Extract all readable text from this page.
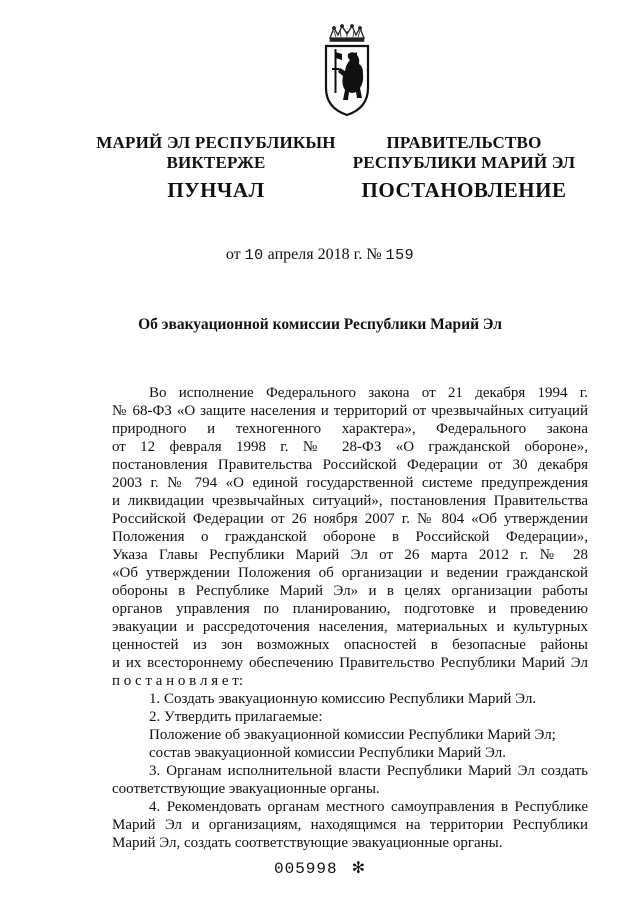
МАРИЙ ЭЛ РЕСПУБЛИКЫН
ВИКТЕРЖЕ
ПРАВИТЕЛЬСТВО
РЕСПУБЛИКИ МАРИЙ ЭЛ
ПУНЧАЛ	ПОСТАНОВЛЕНИЕ
от 10 апреля 2018 г. № 159
Об эвакуационной комиссии Республики Марий Эл
Во исполнение Федерального закона от 21 декабря 1994 г.
№ 68-ФЗ «О защите населения и территорий от чрезвычайных ситуаций
природного и техногенного характера», Федерального закона
от 12 февраля 1998 г. № 28-ФЗ «О гражданской обороне»,
постановления Правительства Российской Федерации от 30 декабря
2003 г. № 794 «О единой государственной системе предупреждения
и ликвидации чрезвычайных ситуаций», постановления Правительства
Российской Федерации от 26 ноября 2007 г. № 804 «Об утверждении
Положения о гражданской обороне в Российской Федерации»,
Указа Главы Республики Марий Эл от 26 марта 2012 г. № 28
«Об утверждении Положения об организации и ведении гражданской
обороны в Республике Марий Эл» и в целях организации работы
органов управления по планированию, подготовке и проведению
эвакуации и рассредоточения населения, материальных и культурных
ценностей из зон возможных опасностей в безопасные районы
и их всестороннему обеспечению Правительство Республики Марий Эл
п о с т а н о в л я е т:
1. Создать эвакуационную комиссию Республики Марий Эл.
2. Утвердить прилагаемые:
Положение об эвакуационной комиссии Республики Марий Эл;
состав эвакуационной комиссии Республики Марий Эл.
3. Органам исполнительной власти Республики Марий Эл создать
соответствующие эвакуационные органы.
4. Рекомендовать органам местного самоуправления в Республике
Марий Эл и организациям, находящимся на территории Республики
Марий Эл, создать соответствующие эвакуационные органы.
005998 ✻
